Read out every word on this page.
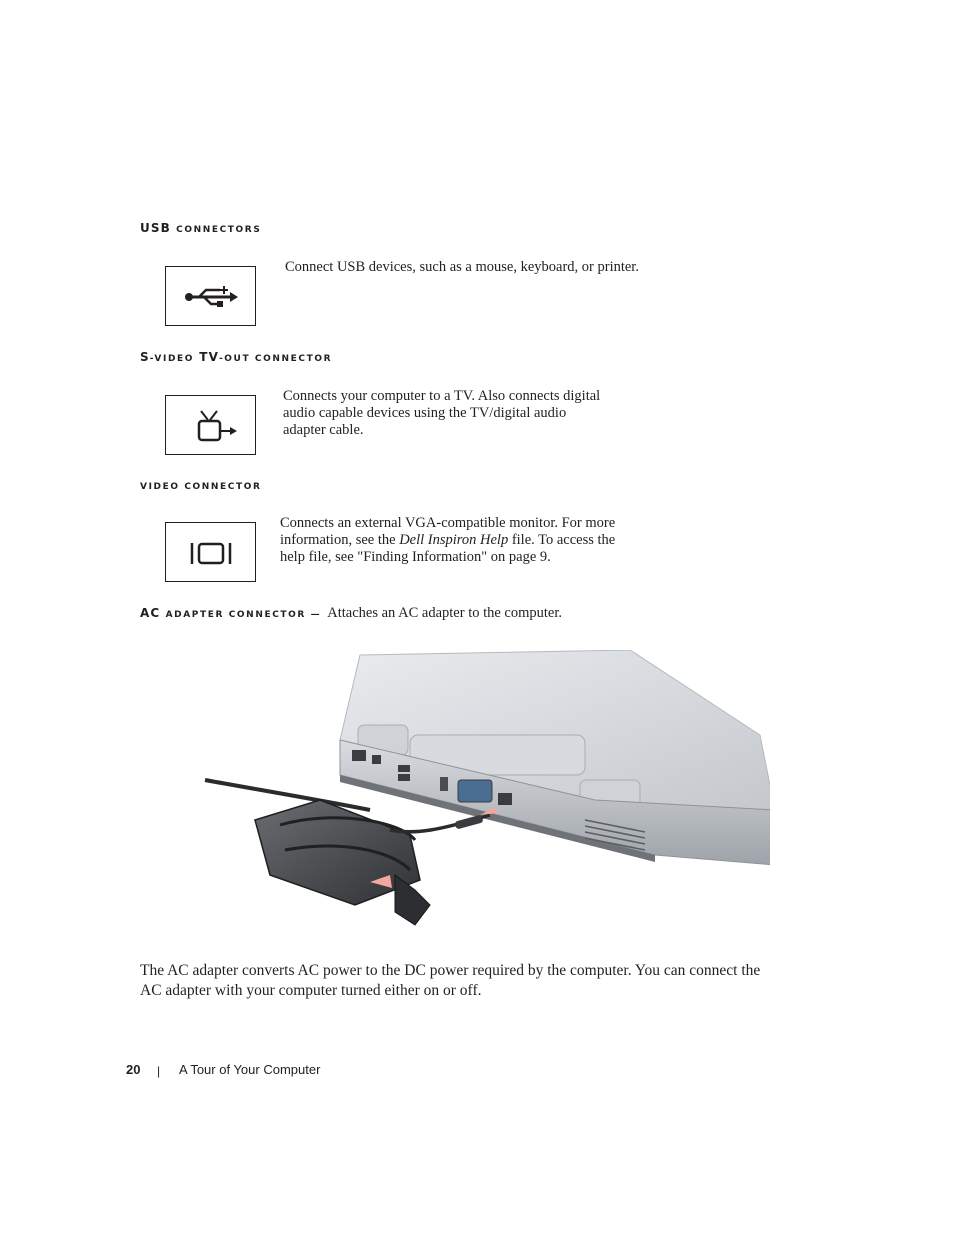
USB CONNECTORS
Connect USB devices, such as a mouse, keyboard, or printer.
S-VIDEO TV-OUT CONNECTOR
Connects your computer to a TV. Also connects digital
audio capable devices using the TV/digital audio
adapter cable.
VIDEO CONNECTOR
Connects an external VGA-compatible monitor. For more
information, see the Dell Inspiron Help file. To access the
help file, see "Finding Information" on page 9.
AC ADAPTER CONNECTOR — Attaches an AC adapter to the computer.
The AC adapter converts AC power to the DC power required by the computer. You can connect the
AC adapter with your computer turned either on or off.
20 | A Tour of Your Computer
